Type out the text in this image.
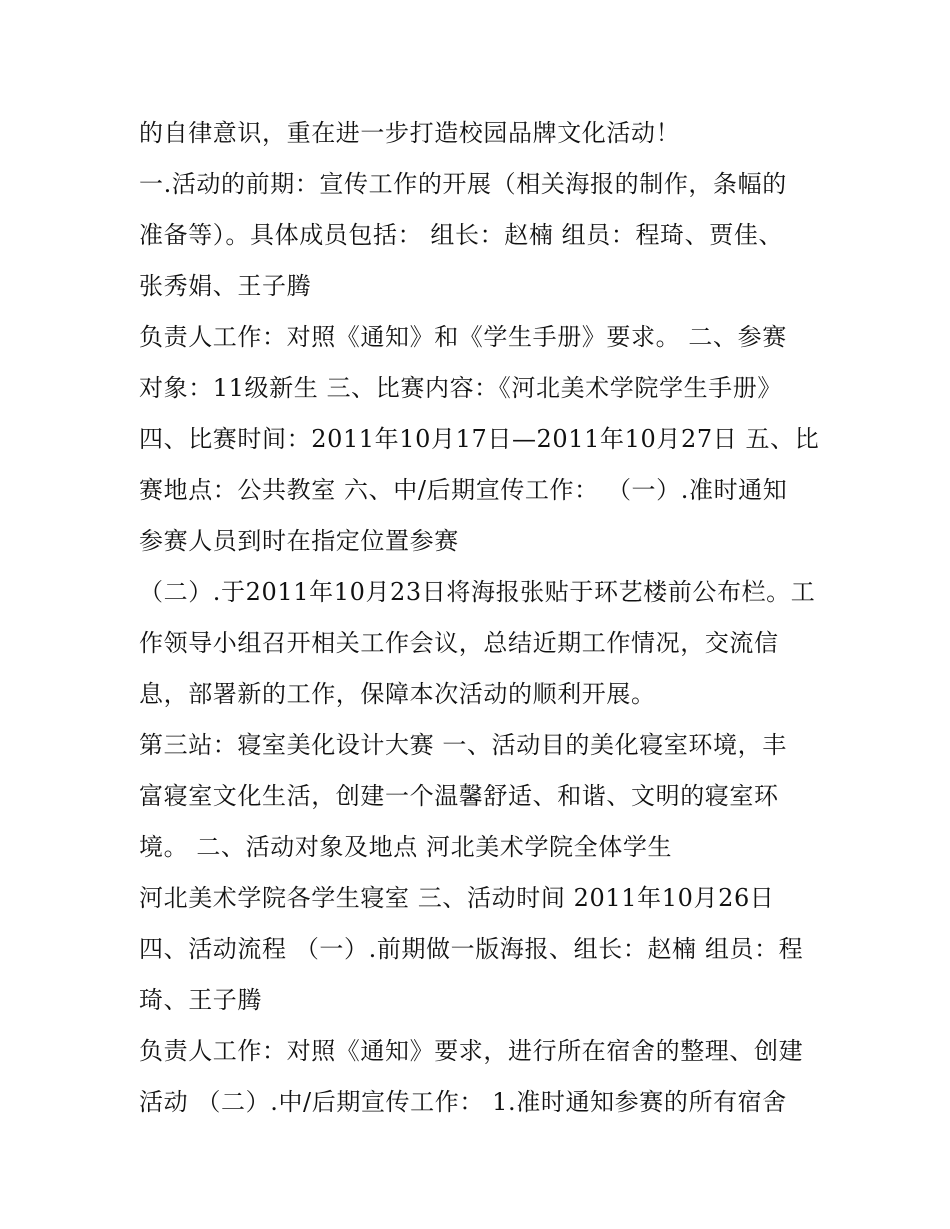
的自律意识，重在进一步打造校园品牌文化活动！
一.活动的前期：宣传工作的开展（相关海报的制作，条幅的
准备等）。具体成员包括： 组长：赵楠 组员：程琦、贾佳、
张秀娟、王子腾
负责人工作：对照《通知》和《学生手册》要求。 二、参赛
对象：11级新生 三、比赛内容：《河北美术学院学生手册》
四、比赛时间：2011年10月17日—2011年10月27日 五、比
赛地点：公共教室 六、中/后期宣传工作： （一）.准时通知
参赛人员到时在指定位置参赛
（二）.于2011年10月23日将海报张贴于环艺楼前公布栏。工
作领导小组召开相关工作会议，总结近期工作情况，交流信
息，部署新的工作，保障本次活动的顺利开展。
第三站：寝室美化设计大赛 一、活动目的美化寝室环境，丰
富寝室文化生活，创建一个温馨舒适、和谐、文明的寝室环
境。 二、活动对象及地点 河北美术学院全体学生
河北美术学院各学生寝室 三、活动时间 2011年10月26日
四、活动流程 （一）.前期做一版海报、组长：赵楠 组员：程
琦、王子腾
负责人工作：对照《通知》要求，进行所在宿舍的整理、创建
活动 （二）.中/后期宣传工作： 1.准时通知参赛的所有宿舍
